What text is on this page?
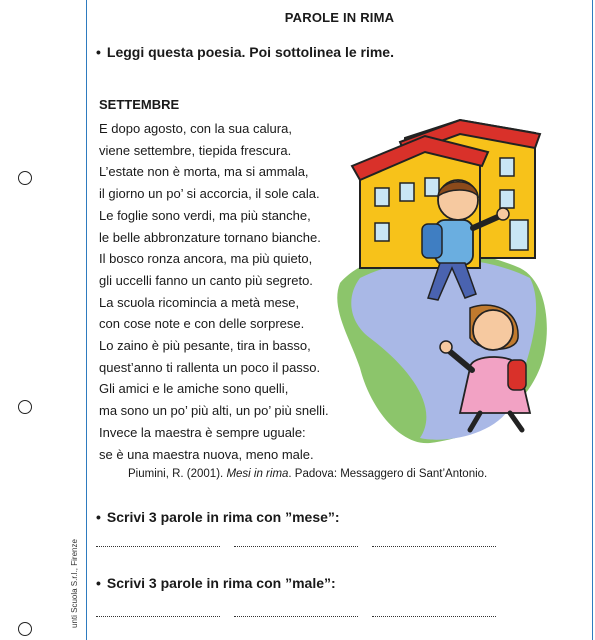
unti Scuola S.r.l., Firenze
PAROLE IN RIMA
• Leggi questa poesia. Poi sottolinea le rime.
SETTEMBRE
E dopo agosto, con la sua calura,
viene settembre, tiepida frescura.
L’estate non è morta, ma si ammala,
il giorno un po’ si accorcia, il sole cala.
Le foglie sono verdi, ma più stanche,
le belle abbronzature tornano bianche.
Il bosco ronza ancora, ma più quieto,
gli uccelli fanno un canto più segreto.
La scuola ricomincia a metà mese,
con cose note e con delle sorprese.
Lo zaino è più pesante, tira in basso,
quest’anno ti rallenta un poco il passo.
Gli amici e le amiche sono quelli,
ma sono un po’ più alti, un po’ più snelli.
Invece la maestra è sempre uguale:
se è una maestra nuova, meno male.
Piumini, R. (2001). Mesi in rima. Padova: Messaggero di Sant’Antonio.
• Scrivi 3 parole in rima con ”mese”:
• Scrivi 3 parole in rima con ”male”:
